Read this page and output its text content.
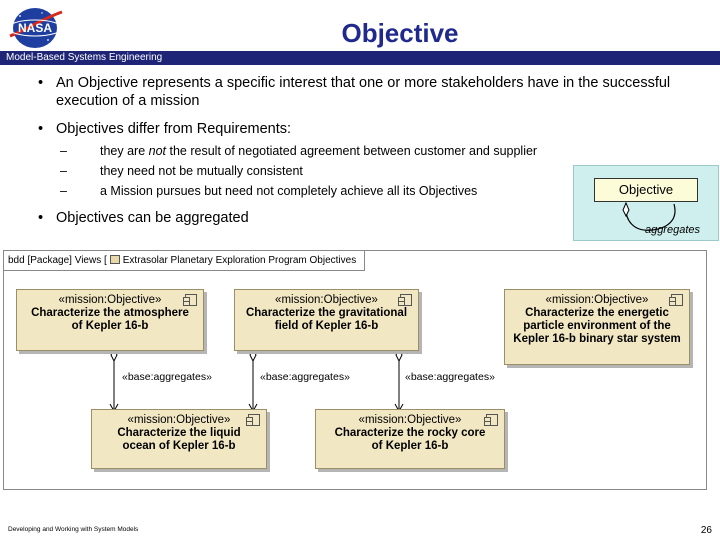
NASA	Objective
Model-Based Systems Engineering
• An Objective represents a specific interest that one or more stakeholders have in the successful execution of a mission
• Objectives differ from Requirements:
–	they are not the result of negotiated agreement between customer and supplier
–	they need not be mutually consistent
–	a Mission pursues but need not completely achieve all its Objectives
• Objectives can be aggregated
Objective
aggregates
bdd [Package] Views [ Extrasolar Planetary Exploration Program Objectives
«mission:Objective»
Characterize the atmosphere of Kepler 16-b
«mission:Objective»
Characterize the gravitational field of Kepler 16-b
«mission:Objective»
Characterize the energetic particle environment of the Kepler 16-b binary star system
«mission:Objective»
Characterize the liquid ocean of Kepler 16-b
«mission:Objective»
Characterize the rocky core of Kepler 16-b
«base:aggregates»	«base:aggregates»	«base:aggregates»
Developing and Working with System Models	26
